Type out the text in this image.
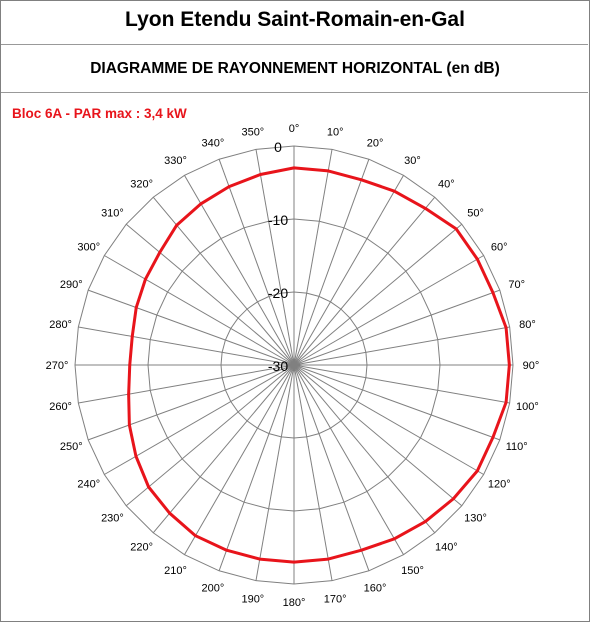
Lyon Etendu Saint-Romain-en-Gal
DIAGRAMME DE RAYONNEMENT HORIZONTAL (en dB)
Bloc 6A - PAR max : 3,4 kW
0°	10°
20°
30°
40°
50°
60°
70°
80°
90°
100°
110°
120°
130°
140°
150°
160°
170°
180°
190°
200°
210°
220°
230°
240°
250°
260°
270°
280°
290°
300°
310°
320°
330°
340°
350°
0
-10
-20
-30
